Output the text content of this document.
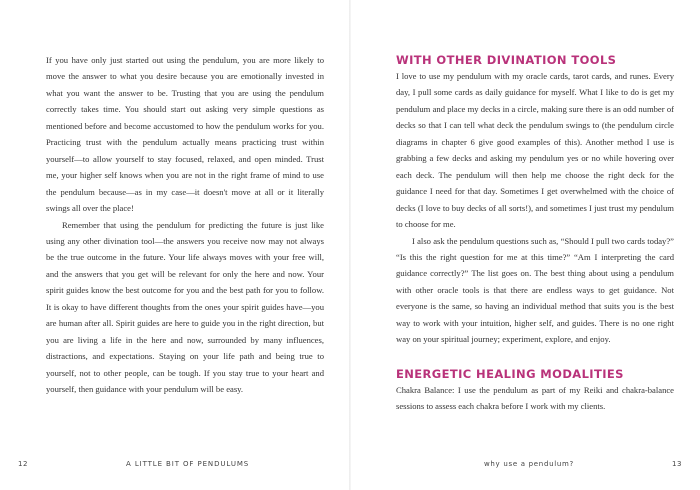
If you have only just started out using the pendulum, you are more likely to move the answer to what you desire because you are emotionally invested in what you want the answer to be. Trusting that you are using the pendulum correctly takes time. You should start out asking very simple questions as mentioned before and become accustomed to how the pendulum works for you. Practicing trust with the pendulum actually means practicing trust within yourself—to allow yourself to stay focused, relaxed, and open minded. Trust me, your higher self knows when you are not in the right frame of mind to use the pendulum because—as in my case—it doesn't move at all or it literally swings all over the place!

Remember that using the pendulum for predicting the future is just like using any other divination tool—the answers you receive now may not always be the true outcome in the future. Your life always moves with your free will, and the answers that you get will be relevant for only the here and now. Your spirit guides know the best outcome for you and the best path for you to follow. It is okay to have different thoughts from the ones your spirit guides have—you are human after all. Spirit guides are here to guide you in the right direction, but you are living a life in the here and now, surrounded by many influences, distractions, and expectations. Staying on your life path and being true to yourself, not to other people, can be tough. If you stay true to your heart and yourself, then guidance with your pendulum will be easy.

WITH OTHER DIVINATION TOOLS

I love to use my pendulum with my oracle cards, tarot cards, and runes. Every day, I pull some cards as daily guidance for myself. What I like to do is get my pendulum and place my decks in a circle, making sure there is an odd number of decks so that I can tell what deck the pendulum swings to (the pendulum circle diagrams in chapter 6 give good examples of this). Another method I use is grabbing a few decks and asking my pendulum yes or no while hovering over each deck. The pendulum will then help me choose the right deck for the guidance I need for that day. Sometimes I get overwhelmed with the choice of decks (I love to buy decks of all sorts!), and sometimes I just trust my pendulum to choose for me.

I also ask the pendulum questions such as, “Should I pull two cards today?” “Is this the right question for me at this time?” “Am I interpreting the card guidance correctly?” The list goes on. The best thing about using a pendulum with other oracle tools is that there are endless ways to get guidance. Not everyone is the same, so having an individual method that suits you is the best way to work with your intuition, higher self, and guides. There is no one right way on your spiritual journey; experiment, explore, and enjoy.

ENERGETIC HEALING MODALITIES

Chakra Balance: I use the pendulum as part of my Reiki and chakra-balance sessions to assess each chakra before I work with my clients.

12	A LITTLE BIT OF PENDULUMS	why use a pendulum?	13
